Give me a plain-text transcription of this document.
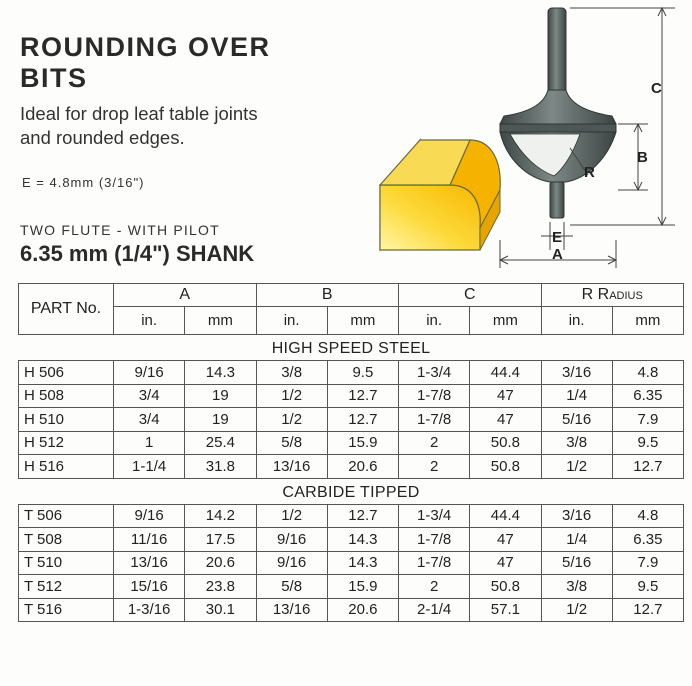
ROUNDING OVER
BITS

Ideal for drop leaf table joints
and rounded edges.

E = 4.8mm (3/16")
TWO FLUTE - WITH PILOT
6.35 mm (1/4") SHANK
C
B
R
E
A
PART No.	A		B		C		R Radius	
	in.	mm	in.	mm	in.	mm	in.	mm
HIGH SPEED STEEL								
H 506	9/16	14.3	3/8	9.5	1-3/4	44.4	3/16	4.8
H 508	3/4	19	1/2	12.7	1-7/8	47	1/4	6.35
H 510	3/4	19	1/2	12.7	1-7/8	47	5/16	7.9
H 512	1	25.4	5/8	15.9	2	50.8	3/8	9.5
H 516	1-1/4	31.8	13/16	20.6	2	50.8	1/2	12.7
CARBIDE TIPPED								
T 506	9/16	14.2	1/2	12.7	1-3/4	44.4	3/16	4.8
T 508	11/16	17.5	9/16	14.3	1-7/8	47	1/4	6.35
T 510	13/16	20.6	9/16	14.3	1-7/8	47	5/16	7.9
T 512	15/16	23.8	5/8	15.9	2	50.8	3/8	9.5
T 516	1-3/16	30.1	13/16	20.6	2-1/4	57.1	1/2	12.7
